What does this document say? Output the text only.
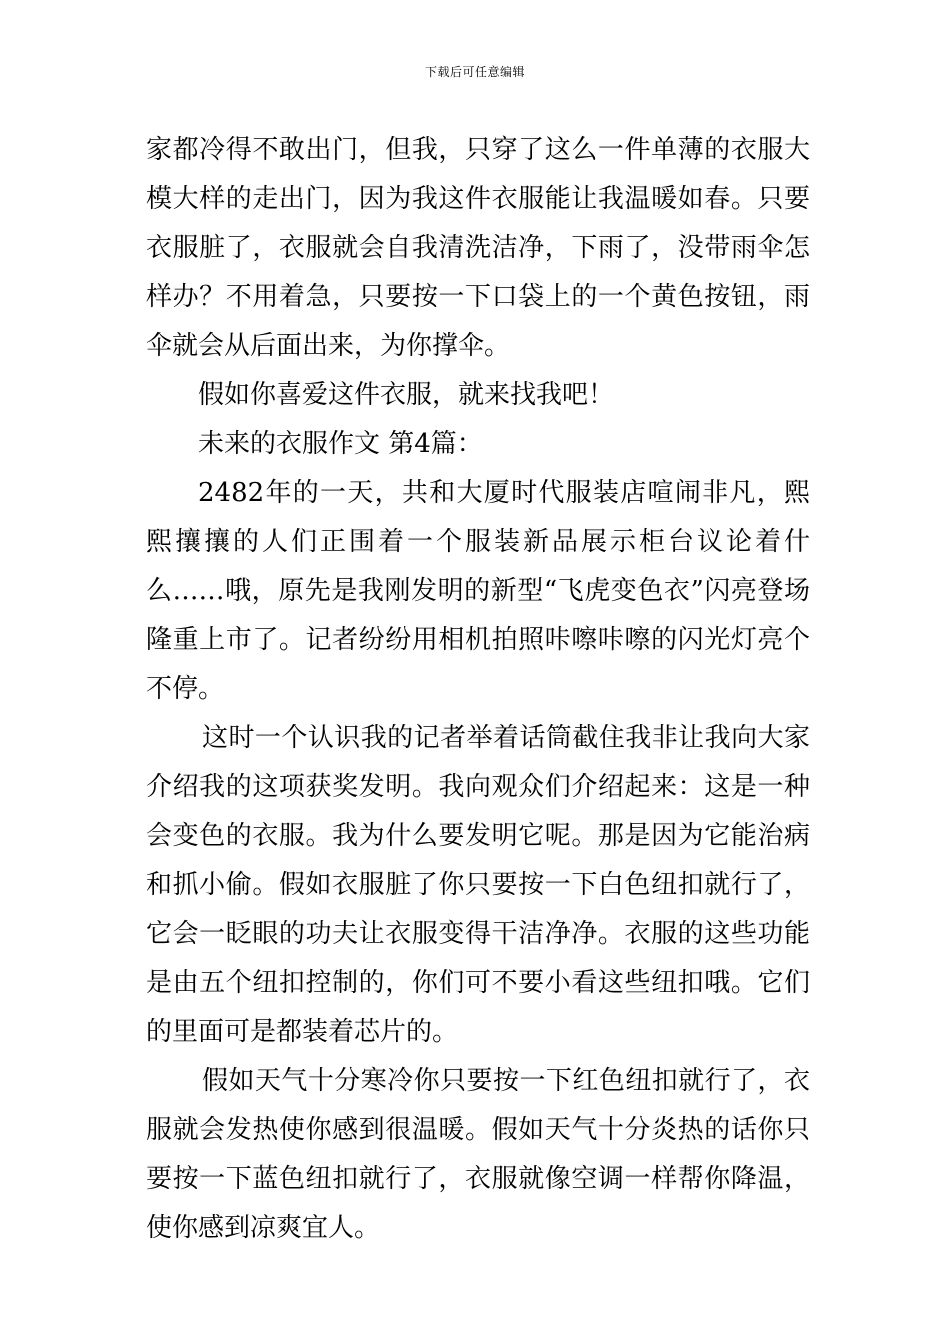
下载后可任意编辑

家都冷得不敢出门，但我，只穿了这么一件单薄的衣服大模大样的走出门，因为我这件衣服能让我温暖如春。只要衣服脏了，衣服就会自我清洗洁净，下雨了，没带雨伞怎样办？不用着急，只要按一下口袋上的一个黄色按钮，雨伞就会从后面出来，为你撑伞。

假如你喜爱这件衣服，就来找我吧！

未来的衣服作文 第4篇：

2482年的一天，共和大厦时代服装店喧闹非凡，熙熙攘攘的人们正围着一个服装新品展示柜台议论着什么……哦，原先是我刚发明的新型“飞虎变色衣”闪亮登场隆重上市了。记者纷纷用相机拍照咔嚓咔嚓的闪光灯亮个不停。

这时一个认识我的记者举着话筒截住我非让我向大家介绍我的这项获奖发明。我向观众们介绍起来：这是一种会变色的衣服。我为什么要发明它呢。那是因为它能治病和抓小偷。假如衣服脏了你只要按一下白色纽扣就行了，它会一眨眼的功夫让衣服变得干洁净净。衣服的这些功能是由五个纽扣控制的，你们可不要小看这些纽扣哦。它们的里面可是都装着芯片的。

假如天气十分寒冷你只要按一下红色纽扣就行了，衣服就会发热使你感到很温暖。假如天气十分炎热的话你只要按一下蓝色纽扣就行了，衣服就像空调一样帮你降温，使你感到凉爽宜人。
